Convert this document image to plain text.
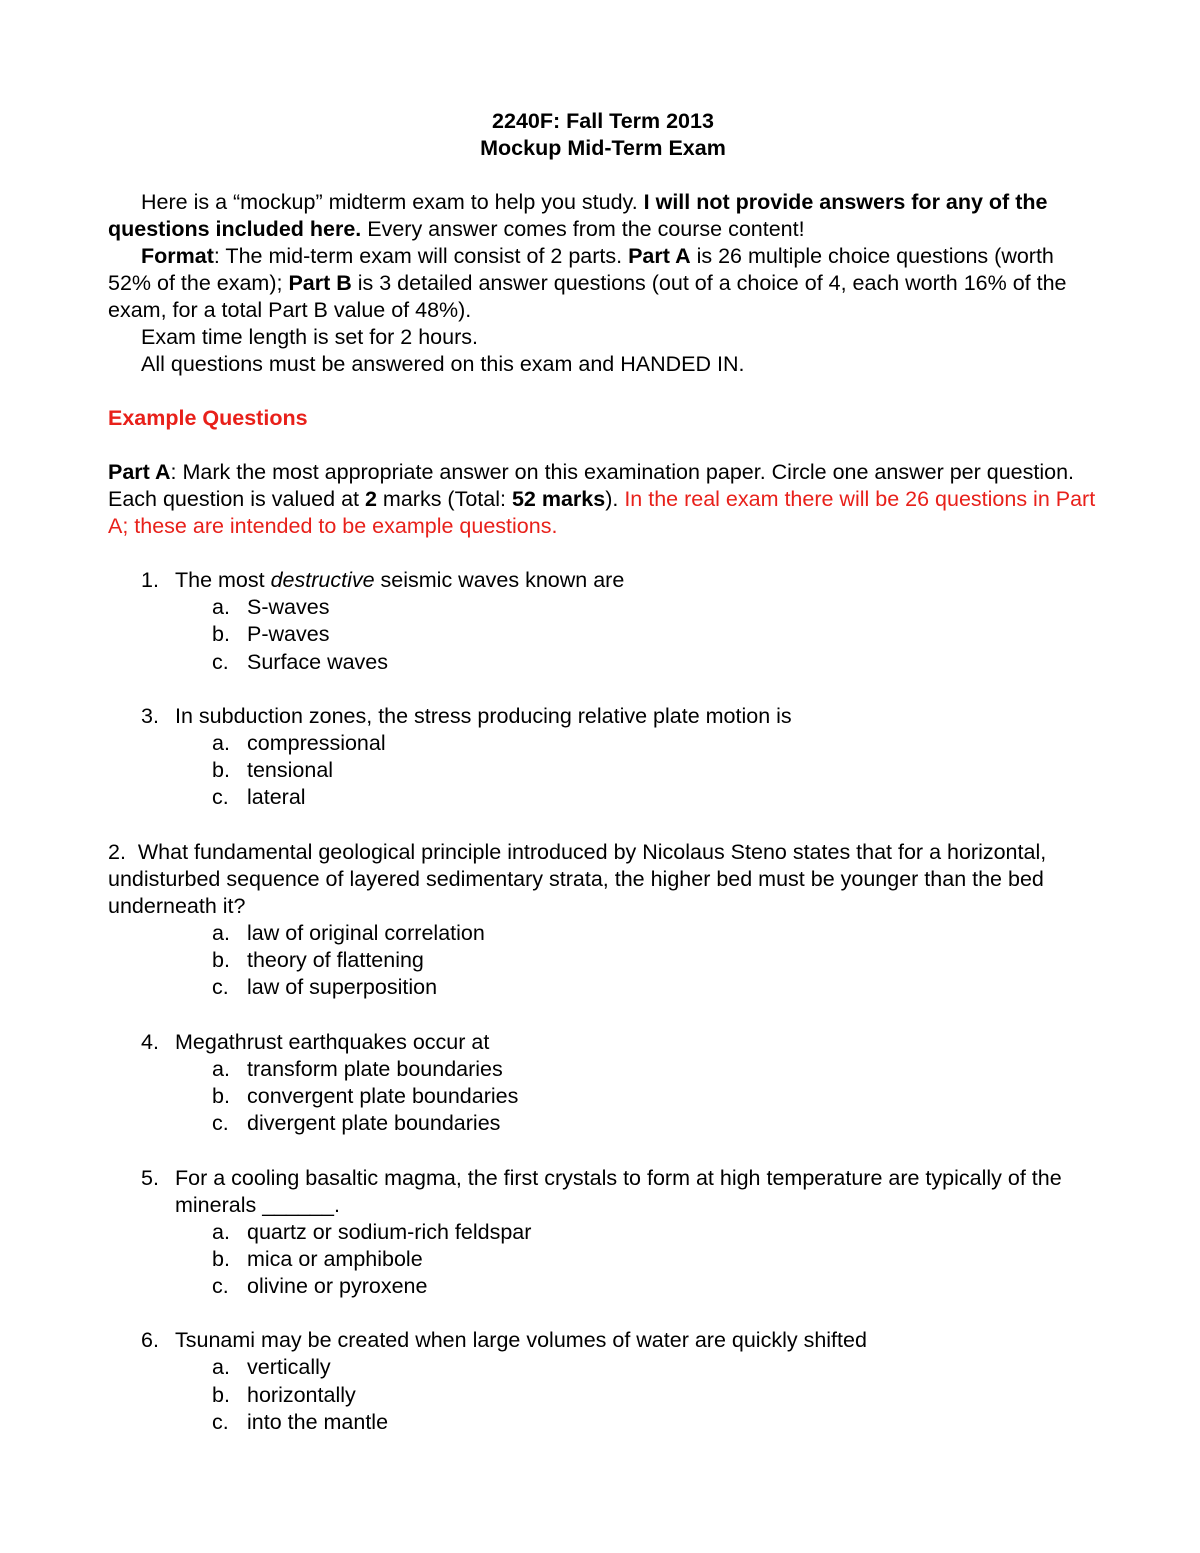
2240F: Fall Term 2013
Mockup Mid-Term Exam

Here is a “mockup” midterm exam to help you study. I will not provide answers for any of the questions included here. Every answer comes from the course content!

Format: The mid-term exam will consist of 2 parts. Part A is 26 multiple choice questions (worth 52% of the exam); Part B is 3 detailed answer questions (out of a choice of 4, each worth 16% of the exam, for a total Part B value of 48%).

Exam time length is set for 2 hours.

All questions must be answered on this exam and HANDED IN.

Example Questions

Part A: Mark the most appropriate answer on this examination paper. Circle one answer per question. Each question is valued at 2 marks (Total: 52 marks). In the real exam there will be 26 questions in Part A; these are intended to be example questions.

1. The most destructive seismic waves known are
a. S-waves
b. P-waves
c. Surface waves
3. In subduction zones, the stress producing relative plate motion is
a. compressional
b. tensional
c. lateral
2. What fundamental geological principle introduced by Nicolaus Steno states that for a horizontal, undisturbed sequence of layered sedimentary strata, the higher bed must be younger than the bed underneath it?
a. law of original correlation
b. theory of flattening
c. law of superposition
4. Megathrust earthquakes occur at
a. transform plate boundaries
b. convergent plate boundaries
c. divergent plate boundaries
5. For a cooling basaltic magma, the first crystals to form at high temperature are typically of the minerals ______.
a. quartz or sodium-rich feldspar
b. mica or amphibole
c. olivine or pyroxene
6. Tsunami may be created when large volumes of water are quickly shifted
a. vertically
b. horizontally
c. into the mantle
